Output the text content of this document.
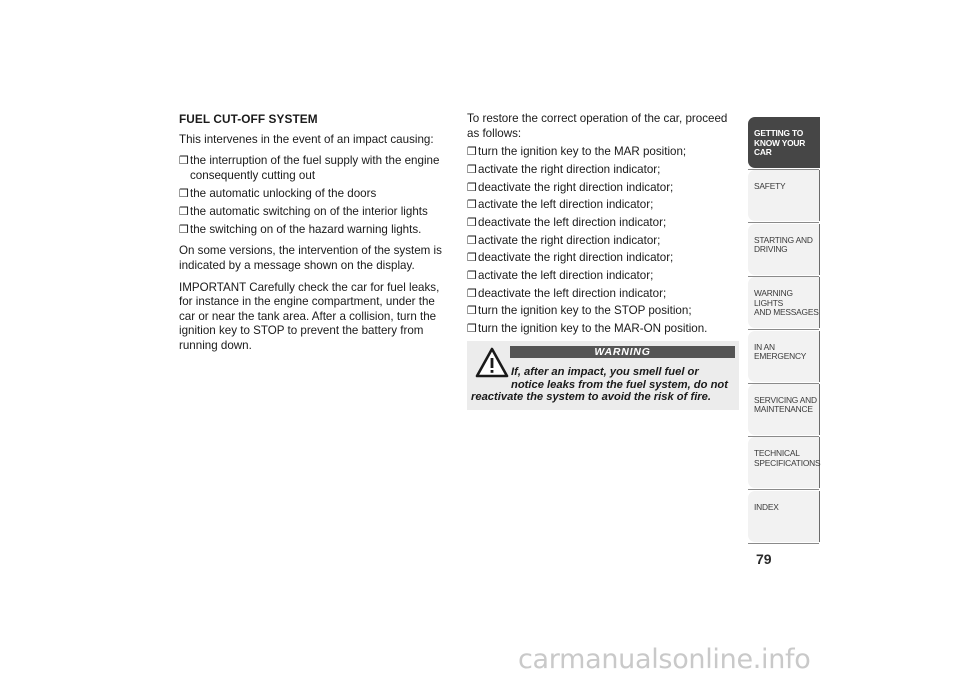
FUEL CUT-OFF SYSTEM

This intervenes in the event of an impact causing:

❒ the interruption of the fuel supply with the engine consequently cutting out
❒ the automatic unlocking of the doors
❒ the automatic switching on of the interior lights
❒ the switching on of the hazard warning lights.

On some versions, the intervention of the system is indicated by a message shown on the display.

IMPORTANT Carefully check the car for fuel leaks, for instance in the engine compartment, under the car or near the tank area. After a collision, turn the ignition key to STOP to prevent the battery from running down.

To restore the correct operation of the car, proceed as follows:

❒ turn the ignition key to the MAR position;
❒ activate the right direction indicator;
❒ deactivate the right direction indicator;
❒ activate the left direction indicator;
❒ deactivate the left direction indicator;
❒ activate the right direction indicator;
❒ deactivate the right direction indicator;
❒ activate the left direction indicator;
❒ deactivate the left direction indicator;
❒ turn the ignition key to the STOP position;
❒ turn the ignition key to the MAR-ON position.
WARNING
If, after an impact, you smell fuel or
notice leaks from the fuel system, do not
reactivate the system to avoid the risk of fire.
GETTING TO
KNOW YOUR CAR
SAFETY
STARTING AND
DRIVING
WARNING LIGHTS
AND MESSAGES
IN AN EMERGENCY
SERVICING AND
MAINTENANCE
TECHNICAL
SPECIFICATIONS
INDEX
79
carmanualsonline.info
